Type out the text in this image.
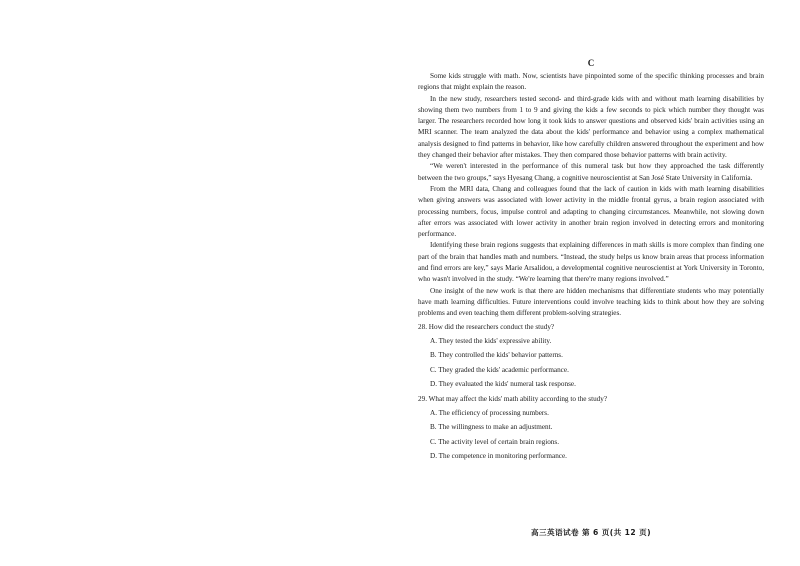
C

Some kids struggle with math. Now, scientists have pinpointed some of the specific thinking processes and brain regions that might explain the reason.

In the new study, researchers tested second- and third-grade kids with and without math learning disabilities by showing them two numbers from 1 to 9 and giving the kids a few seconds to pick which number they thought was larger. The researchers recorded how long it took kids to answer questions and observed kids' brain activities using an MRI scanner. The team analyzed the data about the kids' performance and behavior using a complex mathematical analysis designed to find patterns in behavior, like how carefully children answered throughout the experiment and how they changed their behavior after mistakes. They then compared those behavior patterns with brain activity.

“We weren't interested in the performance of this numeral task but how they approached the task differently between the two groups,” says Hyesang Chang, a cognitive neuroscientist at San José State University in California.

From the MRI data, Chang and colleagues found that the lack of caution in kids with math learning disabilities when giving answers was associated with lower activity in the middle frontal gyrus, a brain region associated with processing numbers, focus, impulse control and adapting to changing circumstances. Meanwhile, not slowing down after errors was associated with lower activity in another brain region involved in detecting errors and monitoring performance.

Identifying these brain regions suggests that explaining differences in math skills is more complex than finding one part of the brain that handles math and numbers. “Instead, the study helps us know brain areas that process information and find errors are key,” says Marie Arsalidou, a developmental cognitive neuroscientist at York University in Toronto, who wasn't involved in the study. “We're learning that there're many regions involved.”

One insight of the new work is that there are hidden mechanisms that differentiate students who may potentially have math learning difficulties. Future interventions could involve teaching kids to think about how they are solving problems and even teaching them different problem-solving strategies.

28. How did the researchers conduct the study?

A. They tested the kids' expressive ability.
B. They controlled the kids' behavior patterns.
C. They graded the kids' academic performance.
D. They evaluated the kids' numeral task response.

29. What may affect the kids' math ability according to the study?

A. The efficiency of processing numbers.
B. The willingness to make an adjustment.
C. The activity level of certain brain regions.
D. The competence in monitoring performance.
高三英语试卷 第 6 页(共 12 页)
